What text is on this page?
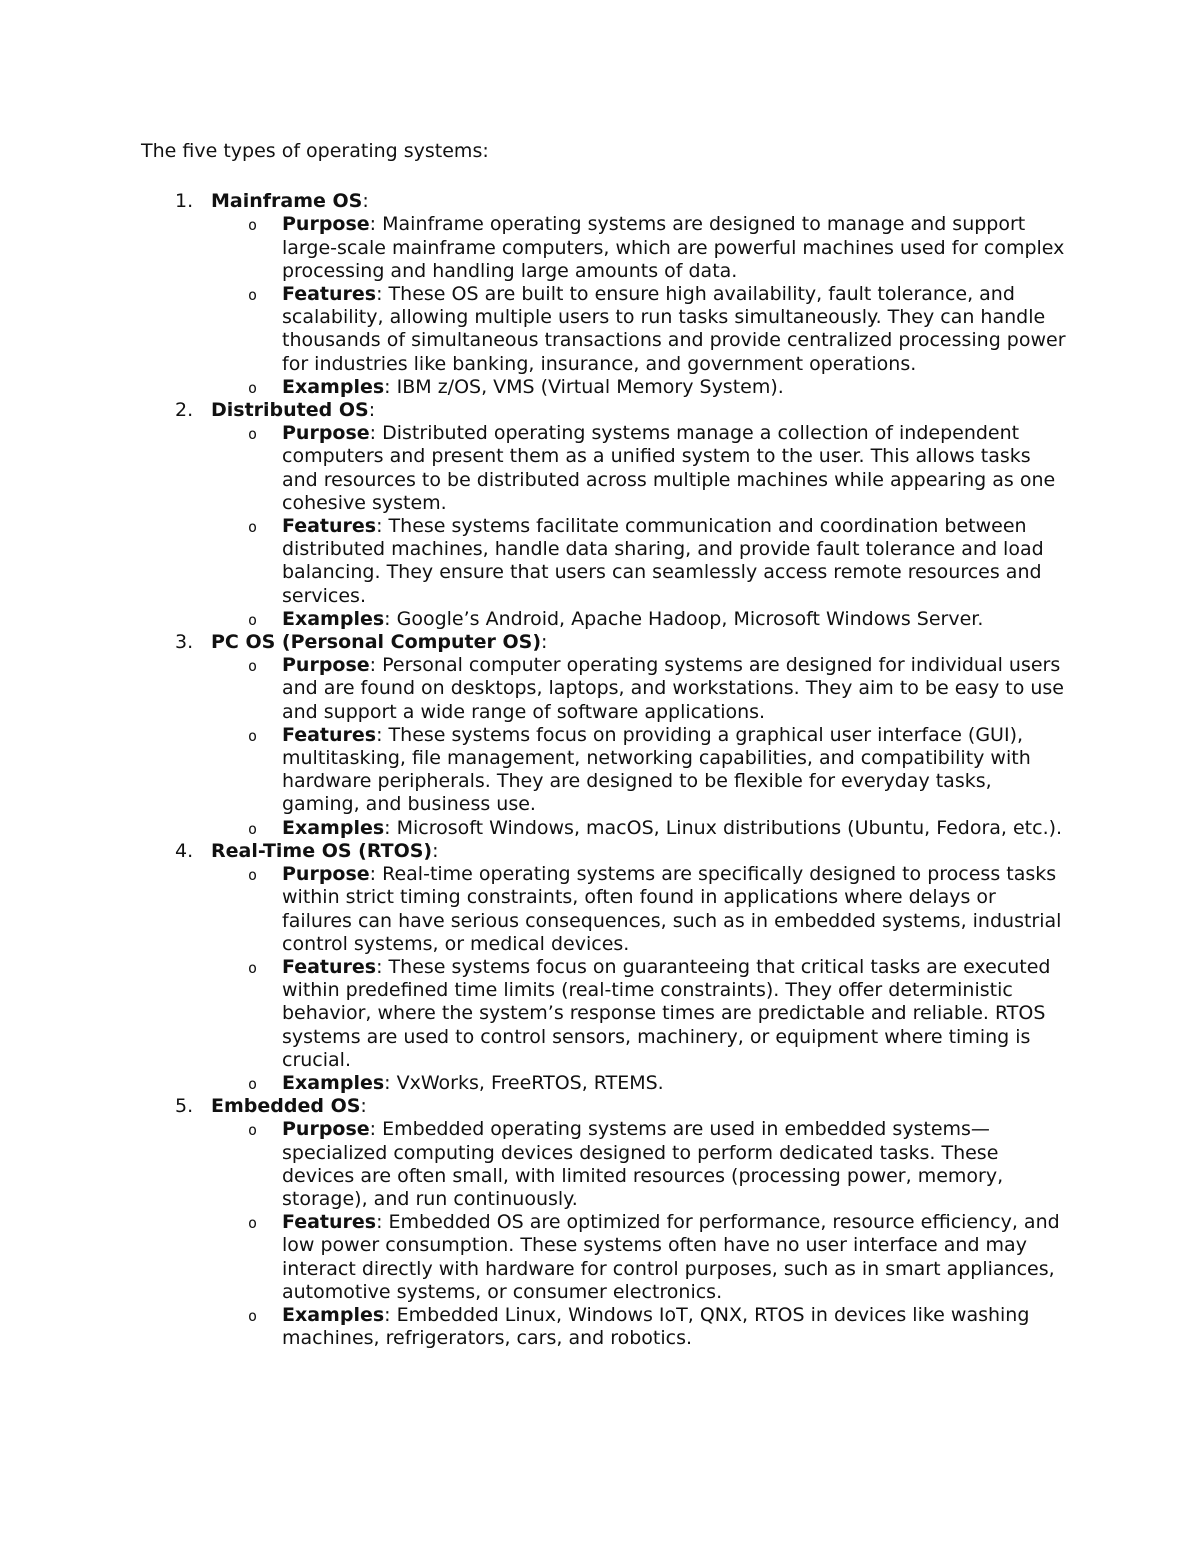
The five types of operating systems:

1. Mainframe OS:
o Purpose: Mainframe operating systems are designed to manage and support large-scale mainframe computers, which are powerful machines used for complex processing and handling large amounts of data.
o Features: These OS are built to ensure high availability, fault tolerance, and scalability, allowing multiple users to run tasks simultaneously. They can handle thousands of simultaneous transactions and provide centralized processing power for industries like banking, insurance, and government operations.
o Examples: IBM z/OS, VMS (Virtual Memory System).
2. Distributed OS:
o Purpose: Distributed operating systems manage a collection of independent computers and present them as a unified system to the user. This allows tasks and resources to be distributed across multiple machines while appearing as one cohesive system.
o Features: These systems facilitate communication and coordination between distributed machines, handle data sharing, and provide fault tolerance and load balancing. They ensure that users can seamlessly access remote resources and services.
o Examples: Google’s Android, Apache Hadoop, Microsoft Windows Server.
3. PC OS (Personal Computer OS):
o Purpose: Personal computer operating systems are designed for individual users and are found on desktops, laptops, and workstations. They aim to be easy to use and support a wide range of software applications.
o Features: These systems focus on providing a graphical user interface (GUI), multitasking, file management, networking capabilities, and compatibility with hardware peripherals. They are designed to be flexible for everyday tasks, gaming, and business use.
o Examples: Microsoft Windows, macOS, Linux distributions (Ubuntu, Fedora, etc.).
4. Real-Time OS (RTOS):
o Purpose: Real-time operating systems are specifically designed to process tasks within strict timing constraints, often found in applications where delays or failures can have serious consequences, such as in embedded systems, industrial control systems, or medical devices.
o Features: These systems focus on guaranteeing that critical tasks are executed within predefined time limits (real-time constraints). They offer deterministic behavior, where the system’s response times are predictable and reliable. RTOS systems are used to control sensors, machinery, or equipment where timing is crucial.
o Examples: VxWorks, FreeRTOS, RTEMS.
5. Embedded OS:
o Purpose: Embedded operating systems are used in embedded systems—specialized computing devices designed to perform dedicated tasks. These devices are often small, with limited resources (processing power, memory, storage), and run continuously.
o Features: Embedded OS are optimized for performance, resource efficiency, and low power consumption. These systems often have no user interface and may interact directly with hardware for control purposes, such as in smart appliances, automotive systems, or consumer electronics.
o Examples: Embedded Linux, Windows IoT, QNX, RTOS in devices like washing machines, refrigerators, cars, and robotics.
